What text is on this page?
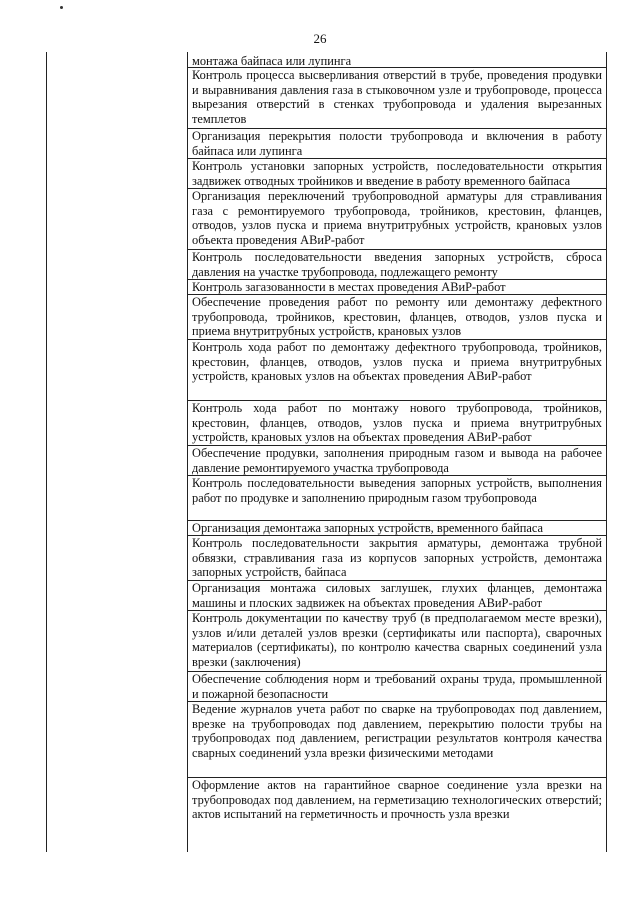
26
монтажа байпаса или лупинга
Контроль процесса высверливания отверстий в трубе, проведения продувки и выравнивания давления газа в стыковочном узле и трубопроводе, процесса вырезания отверстий в стенках трубопровода и удаления вырезанных темплетов
Организация перекрытия полости трубопровода и включения в работу байпаса или лупинга
Контроль установки запорных устройств, последовательности открытия задвижек отводных тройников и введение в работу временного байпаса
Организация переключений трубопроводной арматуры для стравливания газа с ремонтируемого трубопровода, тройников, крестовин, фланцев, отводов, узлов пуска и приема внутритрубных устройств, крановых узлов объекта проведения АВиР-работ
Контроль последовательности введения запорных устройств, сброса давления на участке трубопровода, подлежащего ремонту
Контроль загазованности в местах проведения АВиР-работ
Обеспечение проведения работ по ремонту или демонтажу дефектного трубопровода, тройников, крестовин, фланцев, отводов, узлов пуска и приема внутритрубных устройств, крановых узлов
Контроль хода работ по демонтажу дефектного трубопровода, тройников, крестовин, фланцев, отводов, узлов пуска и приема внутритрубных устройств, крановых узлов на объектах проведения АВиР-работ
Контроль хода работ по монтажу нового трубопровода, тройников, крестовин, фланцев, отводов, узлов пуска и приема внутритрубных устройств, крановых узлов на объектах проведения АВиР-работ
Обеспечение продувки, заполнения природным газом и вывода на рабочее давление ремонтируемого участка трубопровода
Контроль последовательности выведения запорных устройств, выполнения работ по продувке и заполнению природным газом трубопровода
Организация демонтажа запорных устройств, временного байпаса
Контроль последовательности закрытия арматуры, демонтажа трубной обвязки, стравливания газа из корпусов запорных устройств, демонтажа запорных устройств, байпаса
Организация монтажа силовых заглушек, глухих фланцев, демонтажа машины и плоских задвижек на объектах проведения АВиР-работ
Контроль документации по качеству труб (в предполагаемом месте врезки), узлов и/или деталей узлов врезки (сертификаты или паспорта), сварочных материалов (сертификаты), по контролю качества сварных соединений узла врезки (заключения)
Обеспечение соблюдения норм и требований охраны труда, промышленной и пожарной безопасности
Ведение журналов учета работ по сварке на трубопроводах под давлением, врезке на трубопроводах под давлением, перекрытию полости трубы на трубопроводах под давлением, регистрации результатов контроля качества сварных соединений узла врезки физическими методами
Оформление актов на гарантийное сварное соединение узла врезки на трубопроводах под давлением, на герметизацию технологических отверстий; актов испытаний на герметичность и прочность узла врезки
